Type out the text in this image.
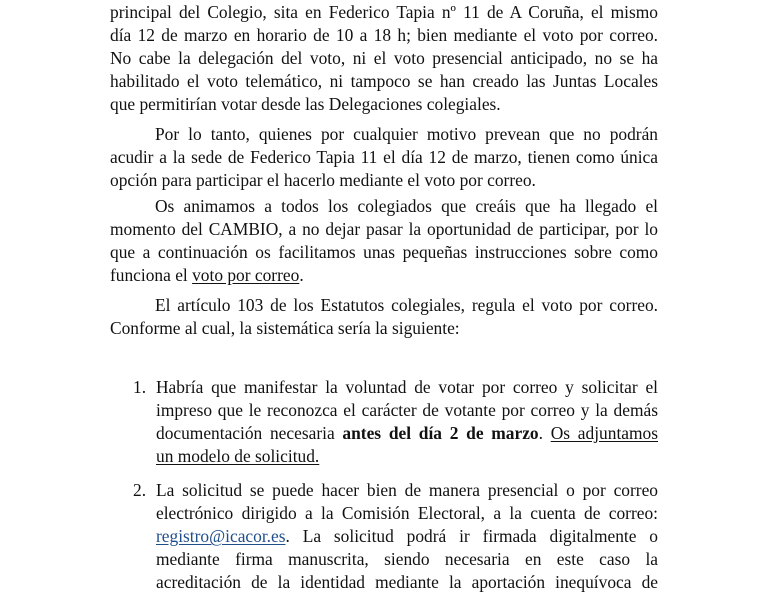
principal del Colegio, sita en Federico Tapia nº 11 de A Coruña, el mismo
día 12 de marzo en horario de 10 a 18 h; bien mediante el voto por correo.
No cabe la delegación del voto, ni el voto presencial anticipado, no se ha
habilitado el voto telemático, ni tampoco se han creado las Juntas Locales
que permitirían votar desde las Delegaciones colegiales.
Por lo tanto, quienes por cualquier motivo prevean que no podrán
acudir a la sede de Federico Tapia 11 el día 12 de marzo, tienen como única
opción para participar el hacerlo mediante el voto por correo.
Os animamos a todos los colegiados que creáis que ha llegado el
momento del CAMBIO, a no dejar pasar la oportunidad de participar, por lo
que a continuación os facilitamos unas pequeñas instrucciones sobre como
funciona el voto por correo.
El artículo 103 de los Estatutos colegiales, regula el voto por correo.
Conforme al cual, la sistemática sería la siguiente:
1. Habría que manifestar la voluntad de votar por correo y solicitar el
impreso que le reconozca el carácter de votante por correo y la demás
documentación necesaria antes del día 2 de marzo. Os adjuntamos
un modelo de solicitud.
2. La solicitud se puede hacer bien de manera presencial o por correo
electrónico dirigido a la Comisión Electoral, a la cuenta de correo:
registro@icacor.es. La solicitud podrá ir firmada digitalmente o
mediante firma manuscrita, siendo necesaria en este caso la
acreditación de la identidad mediante la aportación inequívoca de
